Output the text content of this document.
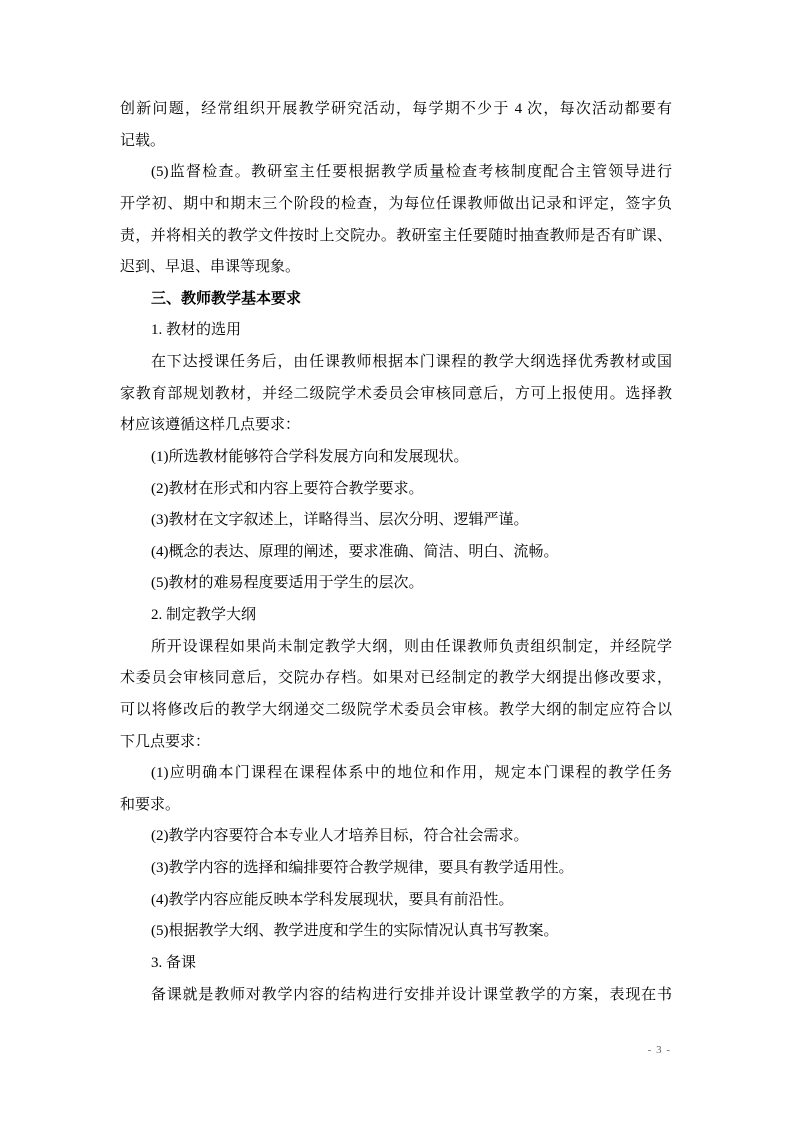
创新问题，经常组织开展教学研究活动，每学期不少于 4 次，每次活动都要有
记载。
(5)监督检查。教研室主任要根据教学质量检查考核制度配合主管领导进行
开学初、期中和期末三个阶段的检查，为每位任课教师做出记录和评定，签字负
责，并将相关的教学文件按时上交院办。教研室主任要随时抽查教师是否有旷课、
迟到、早退、串课等现象。
三、教师教学基本要求
1. 教材的选用
在下达授课任务后，由任课教师根据本门课程的教学大纲选择优秀教材或国
家教育部规划教材，并经二级院学术委员会审核同意后，方可上报使用。选择教
材应该遵循这样几点要求：
(1)所选教材能够符合学科发展方向和发展现状。
(2)教材在形式和内容上要符合教学要求。
(3)教材在文字叙述上，详略得当、层次分明、逻辑严谨。
(4)概念的表达、原理的阐述，要求准确、简洁、明白、流畅。
(5)教材的难易程度要适用于学生的层次。
2. 制定教学大纲
所开设课程如果尚未制定教学大纲，则由任课教师负责组织制定，并经院学
术委员会审核同意后，交院办存档。如果对已经制定的教学大纲提出修改要求，
可以将修改后的教学大纲递交二级院学术委员会审核。教学大纲的制定应符合以
下几点要求：
(1)应明确本门课程在课程体系中的地位和作用，规定本门课程的教学任务
和要求。
(2)教学内容要符合本专业人才培养目标，符合社会需求。
(3)教学内容的选择和编排要符合教学规律，要具有教学适用性。
(4)教学内容应能反映本学科发展现状，要具有前沿性。
(5)根据教学大纲、教学进度和学生的实际情况认真书写教案。
3. 备课
备课就是教师对教学内容的结构进行安排并设计课堂教学的方案，表现在书
- 3 -
